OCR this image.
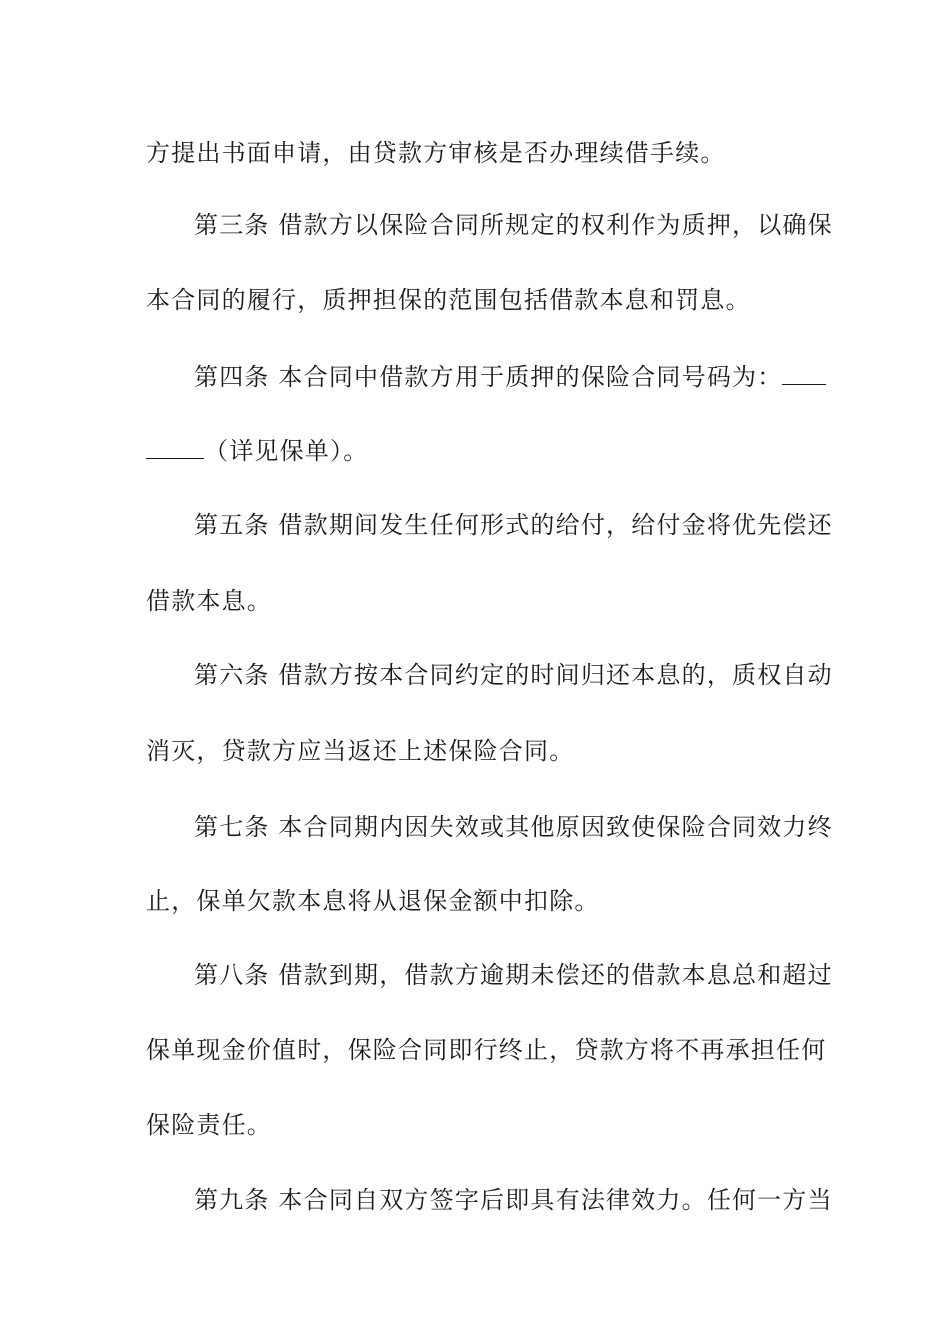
方提出书面申请，由贷款方审核是否办理续借手续。
第三条 借款方以保险合同所规定的权利作为质押，以确保
本合同的履行，质押担保的范围包括借款本息和罚息。
第四条 本合同中借款方用于质押的保险合同号码为：
（详见保单）。
第五条 借款期间发生任何形式的给付，给付金将优先偿还
借款本息。
第六条 借款方按本合同约定的时间归还本息的，质权自动
消灭，贷款方应当返还上述保险合同。
第七条 本合同期内因失效或其他原因致使保险合同效力终
止，保单欠款本息将从退保金额中扣除。
第八条 借款到期，借款方逾期未偿还的借款本息总和超过
保单现金价值时，保险合同即行终止，贷款方将不再承担任何
保险责任。
第九条 本合同自双方签字后即具有法律效力。任何一方当
